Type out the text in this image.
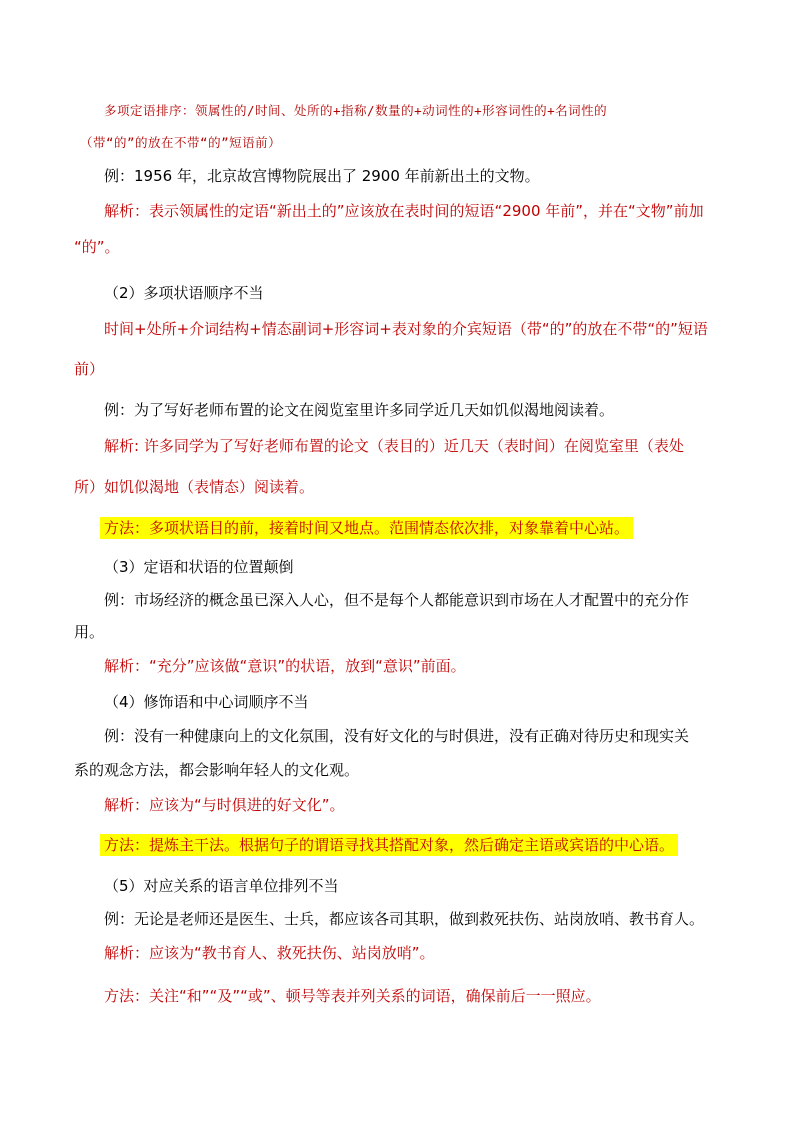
多项定语排序：领属性的/时间、处所的+指称/数量的+动词性的+形容词性的+名词性的
（带“的”的放在不带“的”短语前）
例：1956 年，北京故宫博物院展出了 2900 年前新出土的文物。
解析：表示领属性的定语“新出土的”应该放在表时间的短语“2900 年前”，并在“文物”前加
“的”。
（2）多项状语顺序不当
时间+处所+介词结构+情态副词+形容词+表对象的介宾短语（带“的”的放在不带“的”短语
前）
例：为了写好老师布置的论文在阅览室里许多同学近几天如饥似渴地阅读着。
解析: 许多同学为了写好老师布置的论文（表目的）近几天（表时间）在阅览室里（表处
所）如饥似渴地（表情态）阅读着。
方法：多项状语目的前，接着时间又地点。范围情态依次排，对象靠着中心站。
（3）定语和状语的位置颠倒
例：市场经济的概念虽已深入人心，但不是每个人都能意识到市场在人才配置中的充分作
用。
解析：“充分”应该做“意识”的状语，放到“意识”前面。
（4）修饰语和中心词顺序不当
例：没有一种健康向上的文化氛围，没有好文化的与时俱进，没有正确对待历史和现实关
系的观念方法，都会影响年轻人的文化观。
解析：应该为“与时俱进的好文化”。
方法：提炼主干法。根据句子的谓语寻找其搭配对象，然后确定主语或宾语的中心语。
（5）对应关系的语言单位排列不当
例：无论是老师还是医生、士兵，都应该各司其职，做到救死扶伤、站岗放哨、教书育人。
解析：应该为“教书育人、救死扶伤、站岗放哨”。
方法：关注“和”“及”“或”、顿号等表并列关系的词语，确保前后一一照应。
